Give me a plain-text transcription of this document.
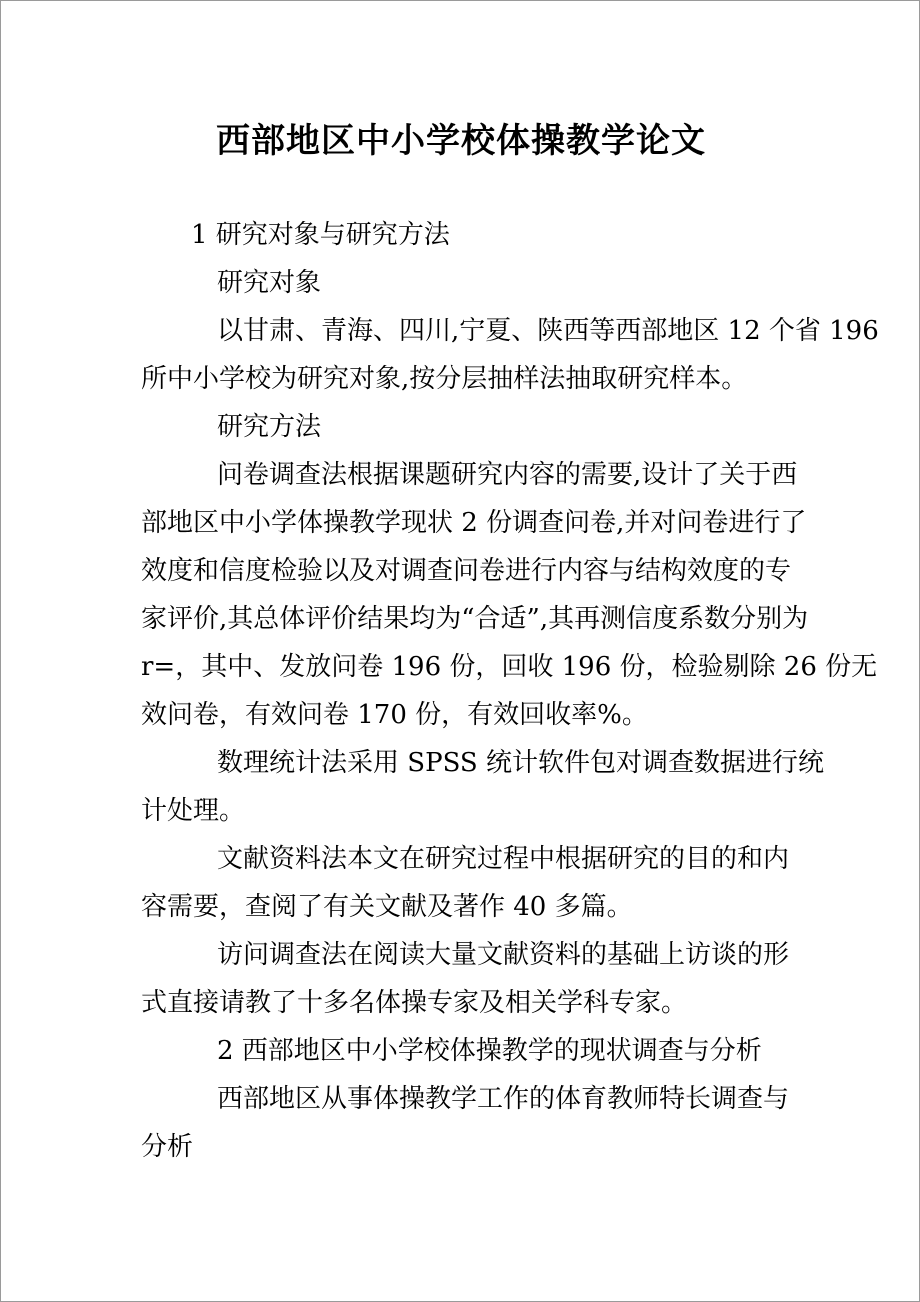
西部地区中小学校体操教学论文
1 研究对象与研究方法
研究对象
以甘肃、青海、四川,宁夏、陕西等西部地区 12 个省 196
所中小学校为研究对象,按分层抽样法抽取研究样本。
研究方法
问卷调查法根据课题研究内容的需要,设计了关于西
部地区中小学体操教学现状 2 份调查问卷,并对问卷进行了
效度和信度检验以及对调查问卷进行内容与结构效度的专
家评价,其总体评价结果均为“合适”,其再测信度系数分别为
r=，其中、发放问卷 196 份，回收 196 份，检验剔除 26 份无
效问卷，有效问卷 170 份，有效回收率%。
数理统计法采用 SPSS 统计软件包对调查数据进行统
计处理。
文献资料法本文在研究过程中根据研究的目的和内
容需要，查阅了有关文献及著作 40 多篇。
访问调查法在阅读大量文献资料的基础上访谈的形
式直接请教了十多名体操专家及相关学科专家。
2 西部地区中小学校体操教学的现状调查与分析
西部地区从事体操教学工作的体育教师特长调查与
分析
